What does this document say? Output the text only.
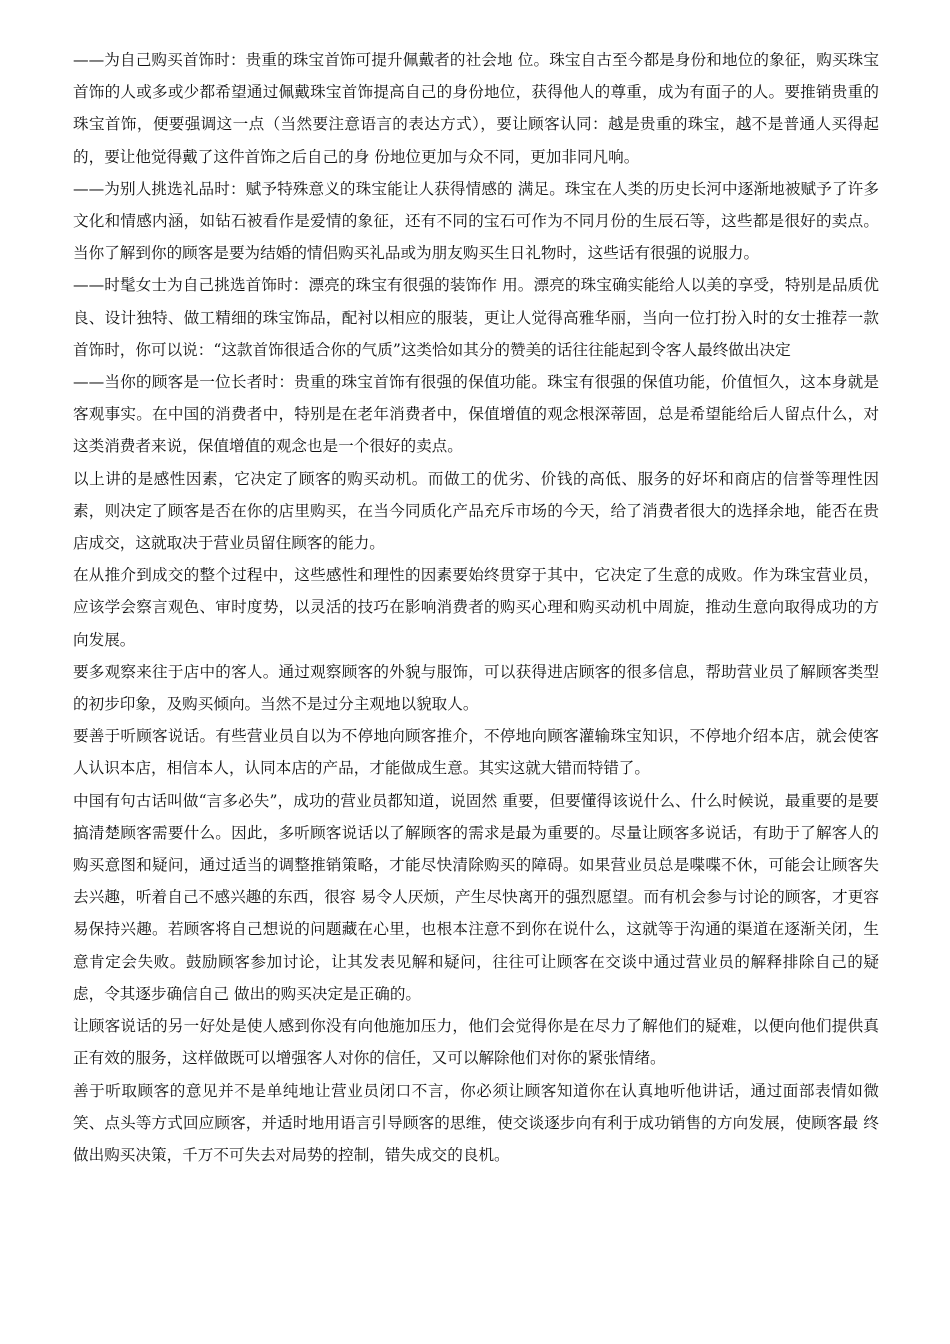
——为自己购买首饰时：贵重的珠宝首饰可提升佩戴者的社会地 位。珠宝自古至今都是身份和地位的象征，购买珠宝首饰的人或多或少都希望通过佩戴珠宝首饰提高自己的身份地位，获得他人的尊重，成为有面子的人。要推销贵重的珠宝首饰，便要强调这一点（当然要注意语言的表达方式），要让顾客认同：越是贵重的珠宝，越不是普通人买得起的，要让他觉得戴了这件首饰之后自己的身 份地位更加与众不同，更加非同凡响。

——为别人挑选礼品时：赋予特殊意义的珠宝能让人获得情感的 满足。珠宝在人类的历史长河中逐渐地被赋予了许多文化和情感内涵，如钻石被看作是爱情的象征，还有不同的宝石可作为不同月份的生辰石等，这些都是很好的卖点。当你了解到你的顾客是要为结婚的情侣购买礼品或为朋友购买生日礼物时，这些话有很强的说服力。

——时髦女士为自己挑选首饰时：漂亮的珠宝有很强的装饰作 用。漂亮的珠宝确实能给人以美的享受，特别是品质优良、设计独特、做工精细的珠宝饰品，配衬以相应的服装，更让人觉得高雅华丽，当向一位打扮入时的女士推荐一款首饰时，你可以说：“这款首饰很适合你的气质”这类恰如其分的赞美的话往往能起到令客人最终做出决定

——当你的顾客是一位长者时：贵重的珠宝首饰有很强的保值功能。珠宝有很强的保值功能，价值恒久，这本身就是客观事实。在中国的消费者中，特别是在老年消费者中，保值增值的观念根深蒂固，总是希望能给后人留点什么，对这类消费者来说，保值增值的观念也是一个很好的卖点。

以上讲的是感性因素，它决定了顾客的购买动机。而做工的优劣、价钱的高低、服务的好坏和商店的信誉等理性因素，则决定了顾客是否在你的店里购买，在当今同质化产品充斥市场的今天，给了消费者很大的选择余地，能否在贵店成交，这就取决于营业员留住顾客的能力。

在从推介到成交的整个过程中，这些感性和理性的因素要始终贯穿于其中，它决定了生意的成败。作为珠宝营业员，应该学会察言观色、审时度势，以灵活的技巧在影响消费者的购买心理和购买动机中周旋，推动生意向取得成功的方向发展。

要多观察来往于店中的客人。通过观察顾客的外貌与服饰，可以获得进店顾客的很多信息，帮助营业员了解顾客类型的初步印象，及购买倾向。当然不是过分主观地以貌取人。

要善于听顾客说话。有些营业员自以为不停地向顾客推介，不停地向顾客灌输珠宝知识，不停地介绍本店，就会使客人认识本店，相信本人，认同本店的产品，才能做成生意。其实这就大错而特错了。

中国有句古话叫做“言多必失”，成功的营业员都知道，说固然 重要，但要懂得该说什么、什么时候说，最重要的是要搞清楚顾客需要什么。因此，多听顾客说话以了解顾客的需求是最为重要的。尽量让顾客多说话，有助于了解客人的购买意图和疑问，通过适当的调整推销策略，才能尽快清除购买的障碍。如果营业员总是喋喋不休，可能会让顾客失去兴趣，听着自己不感兴趣的东西，很容 易令人厌烦，产生尽快离开的强烈愿望。而有机会参与讨论的顾客，才更容易保持兴趣。若顾客将自己想说的问题藏在心里，也根本注意不到你在说什么，这就等于沟通的渠道在逐渐关闭，生意肯定会失败。鼓励顾客参加讨论，让其发表见解和疑问，往往可让顾客在交谈中通过营业员的解释排除自己的疑虑，令其逐步确信自己 做出的购买决定是正确的。

让顾客说话的另一好处是使人感到你没有向他施加压力，他们会觉得你是在尽力了解他们的疑难，以便向他们提供真正有效的服务，这样做既可以增强客人对你的信任，又可以解除他们对你的紧张情绪。

善于听取顾客的意见并不是单纯地让营业员闭口不言，你必须让顾客知道你在认真地听他讲话，通过面部表情如微笑、点头等方式回应顾客，并适时地用语言引导顾客的思维，使交谈逐步向有利于成功销售的方向发展，使顾客最 终做出购买决策，千万不可失去对局势的控制，错失成交的良机。
